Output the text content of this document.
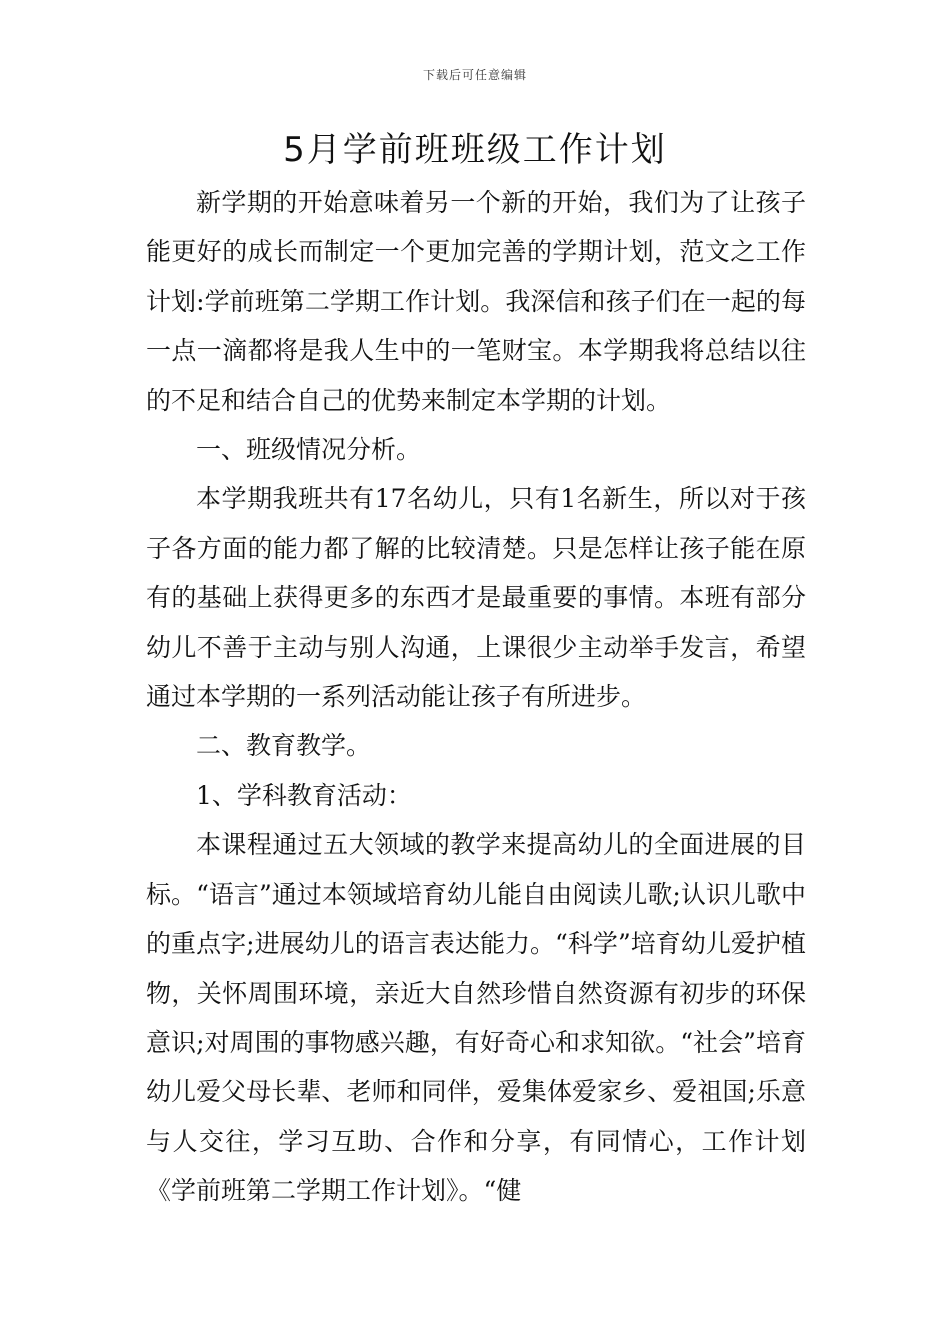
下载后可任意编辑
5月学前班班级工作计划

新学期的开始意味着另一个新的开始，我们为了让孩子能更好的成长而制定一个更加完善的学期计划，范文之工作计划:学前班第二学期工作计划。我深信和孩子们在一起的每一点一滴都将是我人生中的一笔财宝。本学期我将总结以往的不足和结合自己的优势来制定本学期的计划。

一、班级情况分析。

本学期我班共有17名幼儿，只有1名新生，所以对于孩子各方面的能力都了解的比较清楚。只是怎样让孩子能在原有的基础上获得更多的东西才是最重要的事情。本班有部分幼儿不善于主动与别人沟通，上课很少主动举手发言，希望通过本学期的一系列活动能让孩子有所进步。

二、教育教学。

1、学科教育活动：

本课程通过五大领域的教学来提高幼儿的全面进展的目标。“语言”通过本领域培育幼儿能自由阅读儿歌;认识儿歌中的重点字;进展幼儿的语言表达能力。“科学”培育幼儿爱护植物，关怀周围环境，亲近大自然珍惜自然资源有初步的环保意识;对周围的事物感兴趣，有好奇心和求知欲。“社会”培育幼儿爱父母长辈、老师和同伴，爱集体爱家乡、爱祖国;乐意与人交往，学习互助、合作和分享，有同情心，工作计划《学前班第二学期工作计划》。“健
